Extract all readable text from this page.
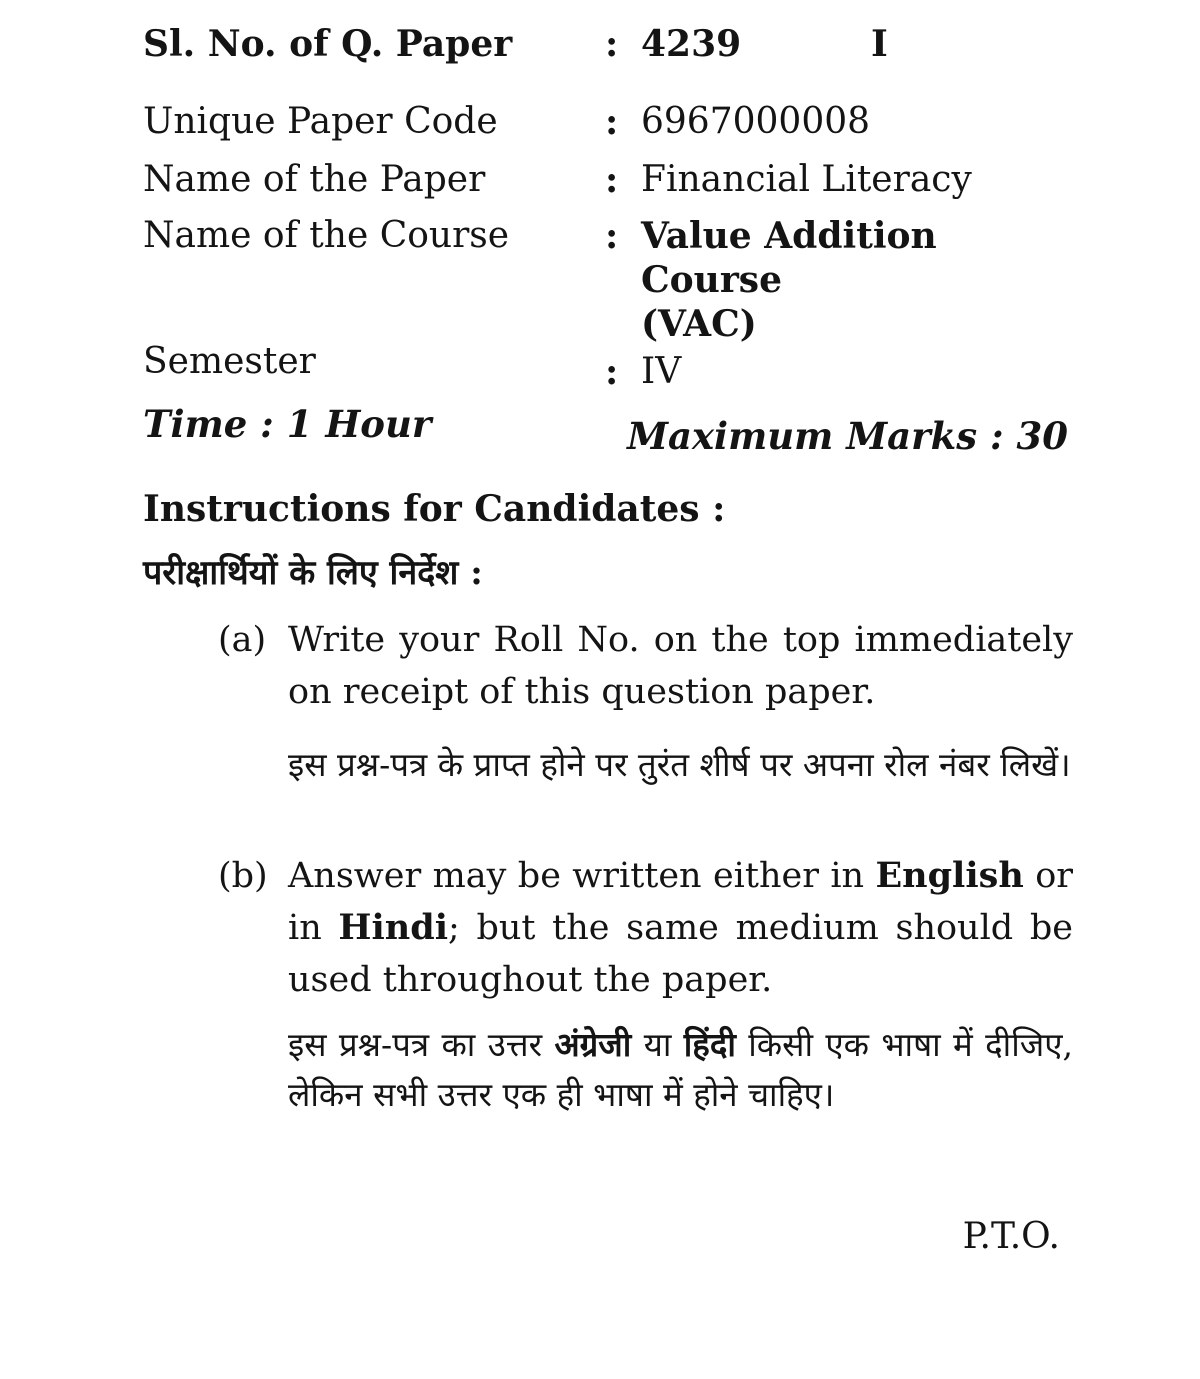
Sl. No. of Q. Paper	: 4239	I
Unique Paper Code	: 6967000008
Name of the Paper	: Financial Literacy
Name of the Course	: Value Addition Course
(VAC)
Semester	: IV
Time : 1 Hour	Maximum Marks : 30
Instructions for Candidates :
परीक्षार्थियों के लिए निर्देश :
(a) Write your Roll No. on the top immediately on receipt of this question paper.
इस प्रश्न-पत्र के प्राप्त होने पर तुरंत शीर्ष पर अपना रोल नंबर लिखें।
(b) Answer may be written either in English or in Hindi; but the same medium should be used throughout the paper.
इस प्रश्न-पत्र का उत्तर अंग्रेजी या हिंदी किसी एक भाषा में दीजिए, लेकिन सभी उत्तर एक ही भाषा में होने चाहिए।
P.T.O.
